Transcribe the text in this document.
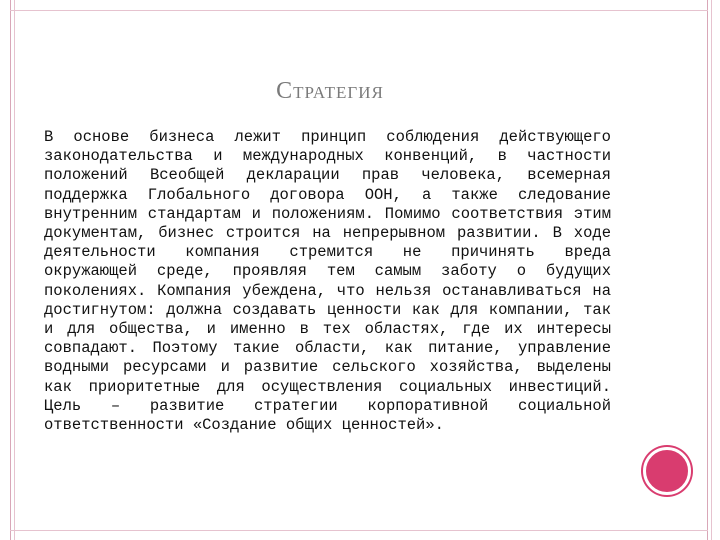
СТРАТЕГИЯ

В основе бизнеса лежит принцип соблюдения действующего законодательства и международных конвенций, в частности положений Всеобщей декларации прав человека, всемерная поддержка Глобального договора ООН, а также следование внутренним стандартам и положениям. Помимо соответствия этим документам, бизнес строится на непрерывном развитии. В ходе деятельности компания стремится не причинять вреда окружающей среде, проявляя тем самым заботу о будущих поколениях. Компания убеждена, что нельзя останавливаться на достигнутом: должна создавать ценности как для компании, так и для общества, и именно в тех областях, где их интересы совпадают. Поэтому такие области, как питание, управление водными ресурсами и развитие сельского хозяйства, выделены как приоритетные для осуществления социальных инвестиций. Цель – развитие стратегии корпоративной социальной ответственности «Создание общих ценностей».
